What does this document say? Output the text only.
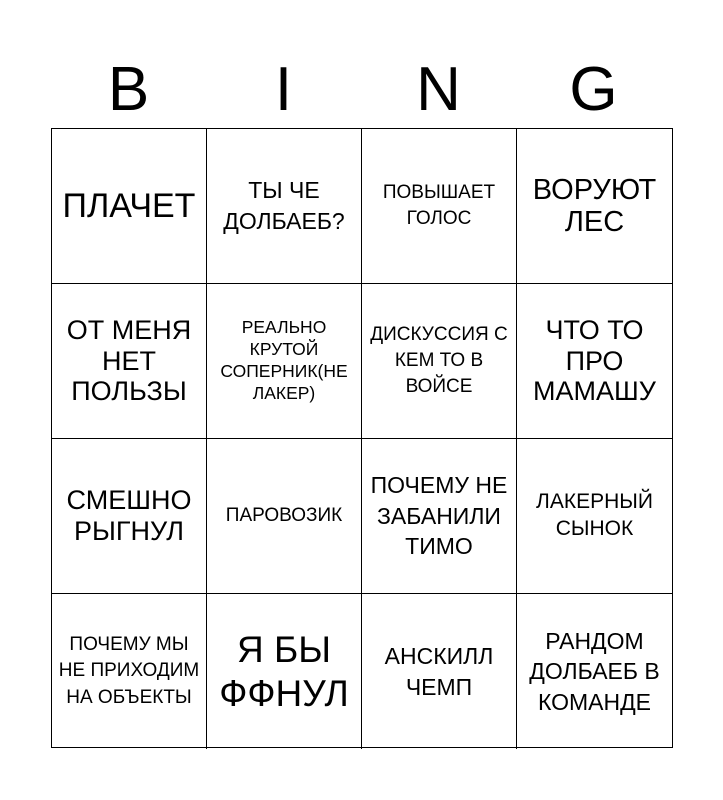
B	I	N	G
ПЛАЧЕТ	ТЫ ЧЕ ДОЛБАЕБ?
ПОВЫШАЕТ ГОЛОС
ВОРУЮТ ЛЕС
ОТ МЕНЯ НЕТ ПОЛЬЗЫ
РЕАЛЬНО КРУТОЙ СОПЕРНИК(НЕ ЛАКЕР)
ДИСКУССИЯ С КЕМ ТО В ВОЙСЕ
ЧТО ТО ПРО МАМАШУ
СМЕШНО РЫГНУЛ
ПАРОВОЗИК
ПОЧЕМУ НЕ ЗАБАНИЛИ ТИМО
ЛАКЕРНЫЙ СЫНОК
ПОЧЕМУ МЫ НЕ ПРИХОДИМ НА ОБЪЕКТЫ
Я БЫ ФФНУЛ
АНСКИЛЛ ЧЕМП
РАНДОМ ДОЛБАЕБ В КОМАНДЕ
